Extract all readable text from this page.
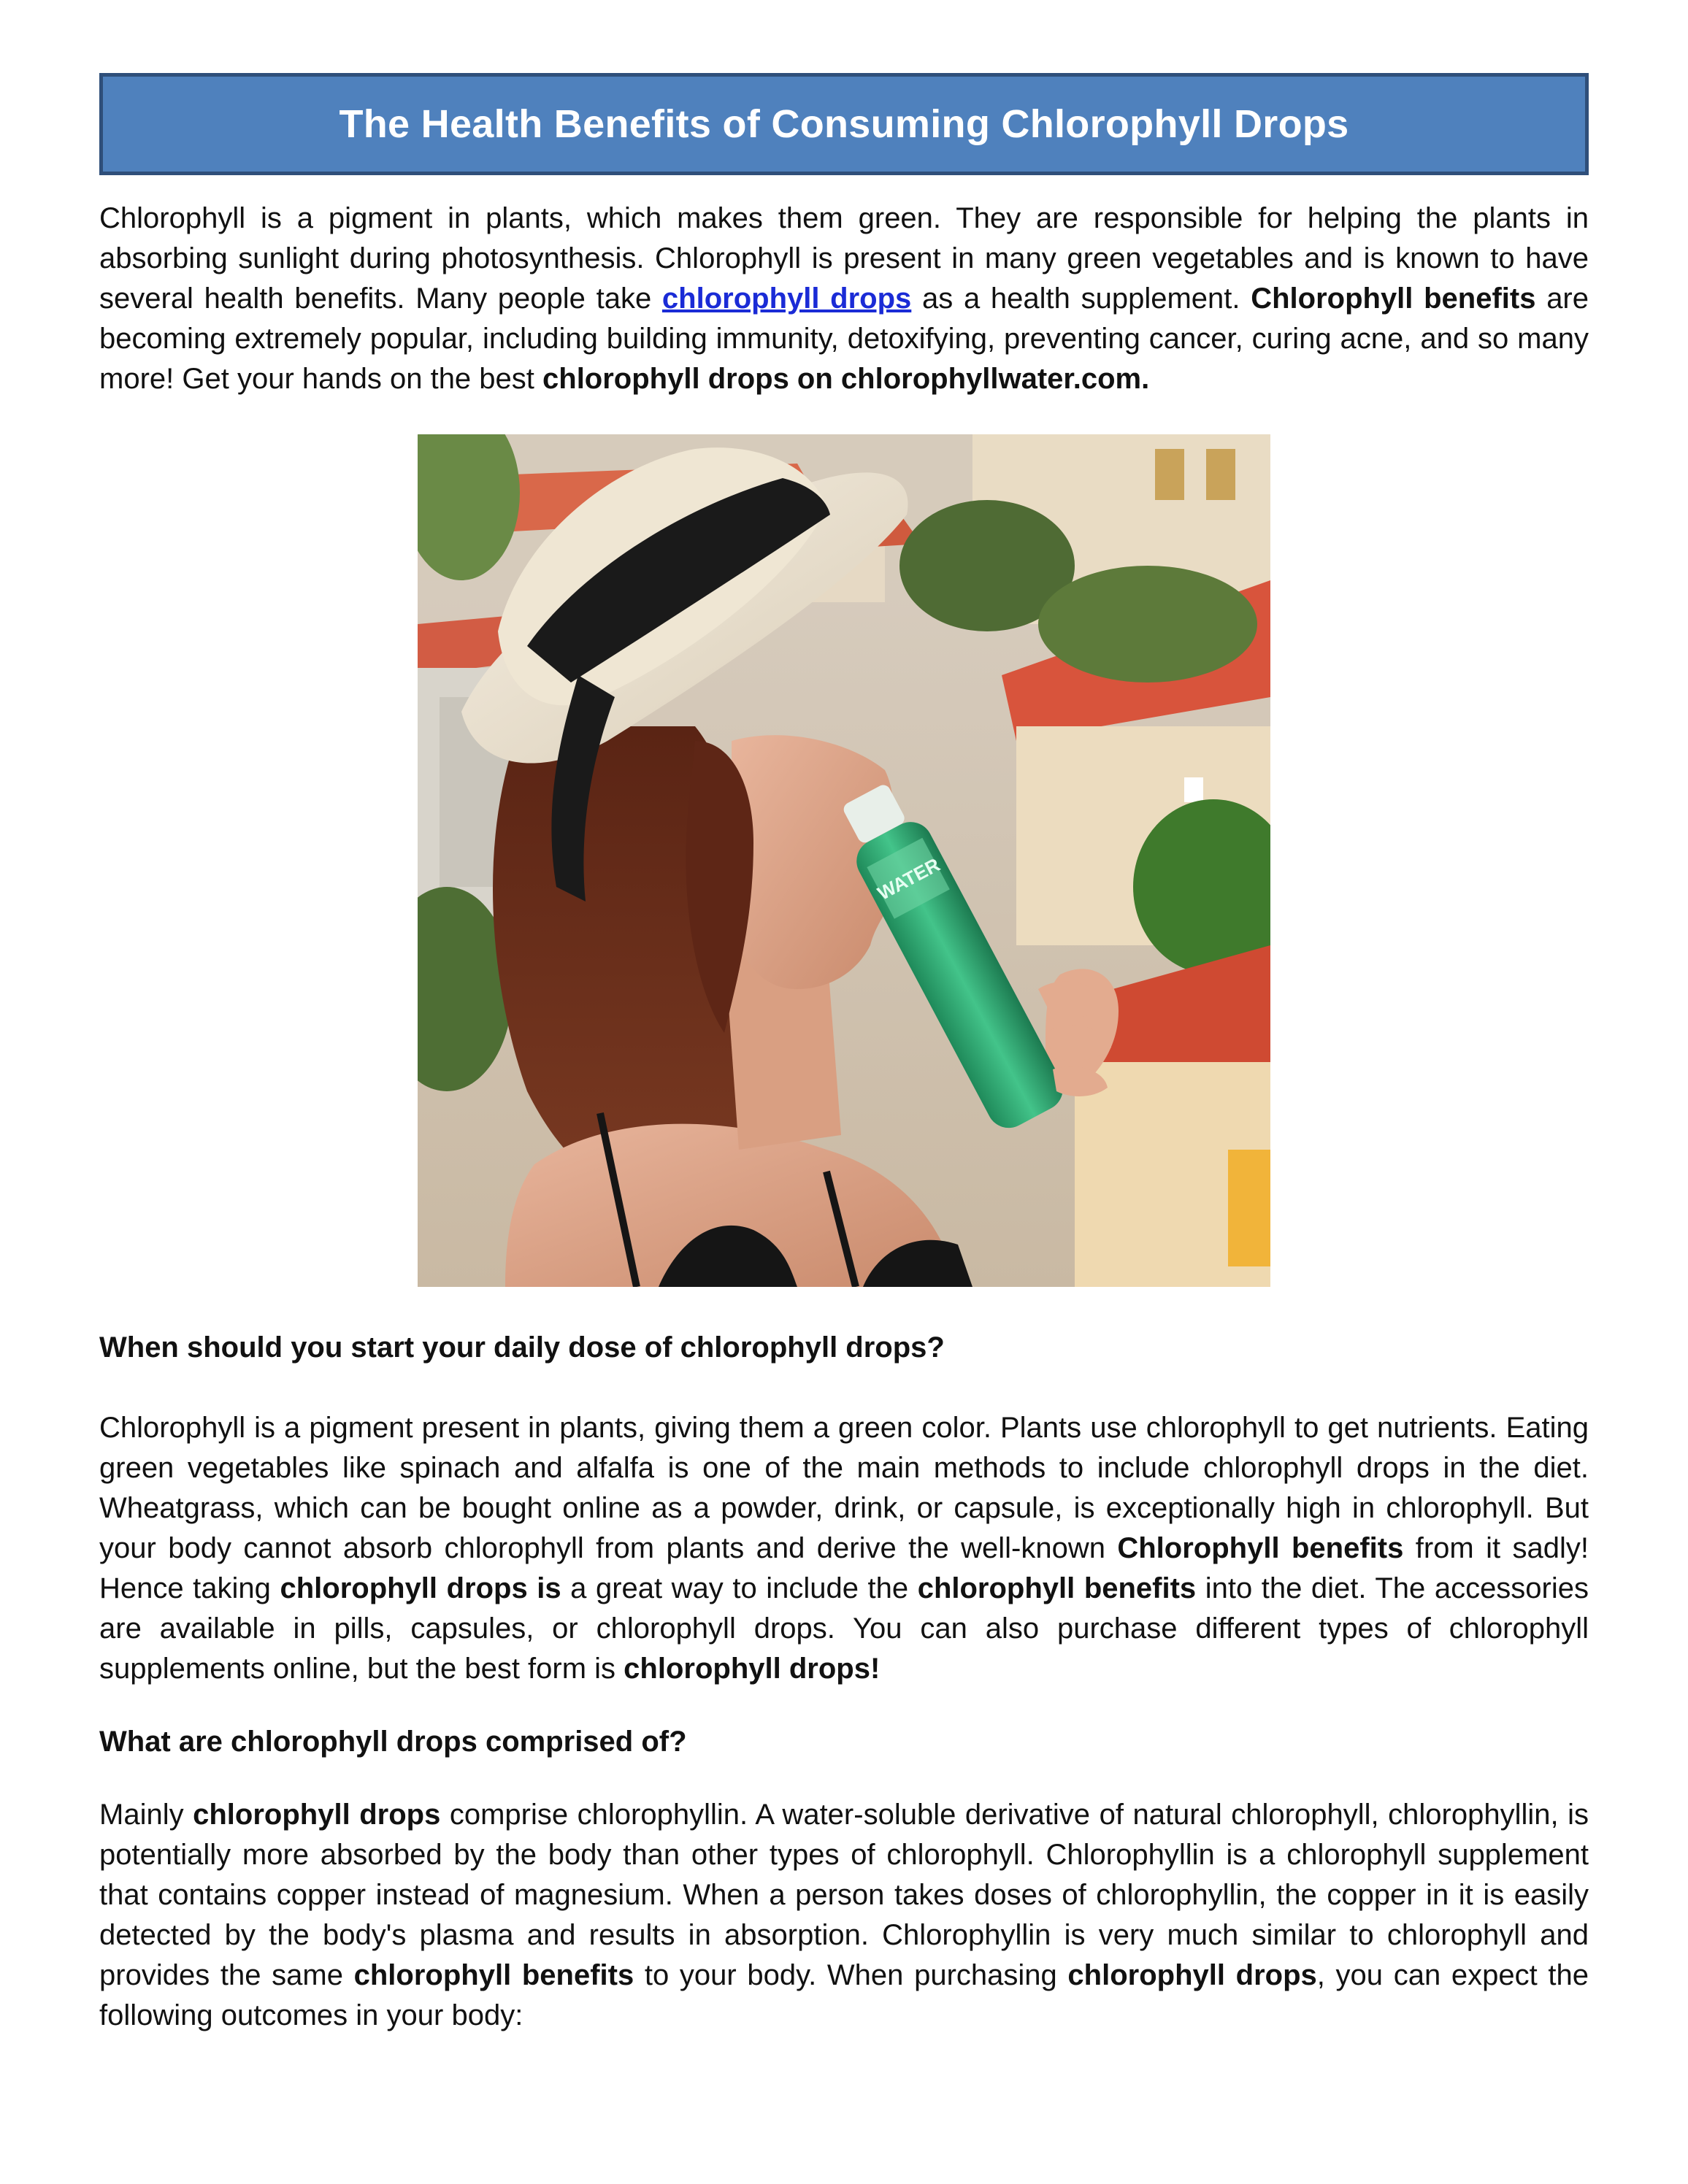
The Health Benefits of Consuming Chlorophyll Drops

Chlorophyll is a pigment in plants, which makes them green. They are responsible for helping the plants in absorbing sunlight during photosynthesis. Chlorophyll is present in many green vegetables and is known to have several health benefits. Many people take chlorophyll drops as a health supplement. Chlorophyll benefits are becoming extremely popular, including building immunity, detoxifying, preventing cancer, curing acne, and so many more! Get your hands on the best chlorophyll drops on chlorophyllwater.com.

WATER

When should you start your daily dose of chlorophyll drops?

Chlorophyll is a pigment present in plants, giving them a green color. Plants use chlorophyll to get nutrients. Eating green vegetables like spinach and alfalfa is one of the main methods to include chlorophyll drops in the diet. Wheatgrass, which can be bought online as a powder, drink, or capsule, is exceptionally high in chlorophyll. But your body cannot absorb chlorophyll from plants and derive the well-known Chlorophyll benefits from it sadly! Hence taking chlorophyll drops is a great way to include the chlorophyll benefits into the diet. The accessories are available in pills, capsules, or chlorophyll drops. You can also purchase different types of chlorophyll supplements online, but the best form is chlorophyll drops!

What are chlorophyll drops comprised of?

Mainly chlorophyll drops comprise chlorophyllin. A water-soluble derivative of natural chlorophyll, chlorophyllin, is potentially more absorbed by the body than other types of chlorophyll. Chlorophyllin is a chlorophyll supplement that contains copper instead of magnesium. When a person takes doses of chlorophyllin, the copper in it is easily detected by the body's plasma and results in absorption. Chlorophyllin is very much similar to chlorophyll and provides the same chlorophyll benefits to your body. When purchasing chlorophyll drops, you can expect the following outcomes in your body:
